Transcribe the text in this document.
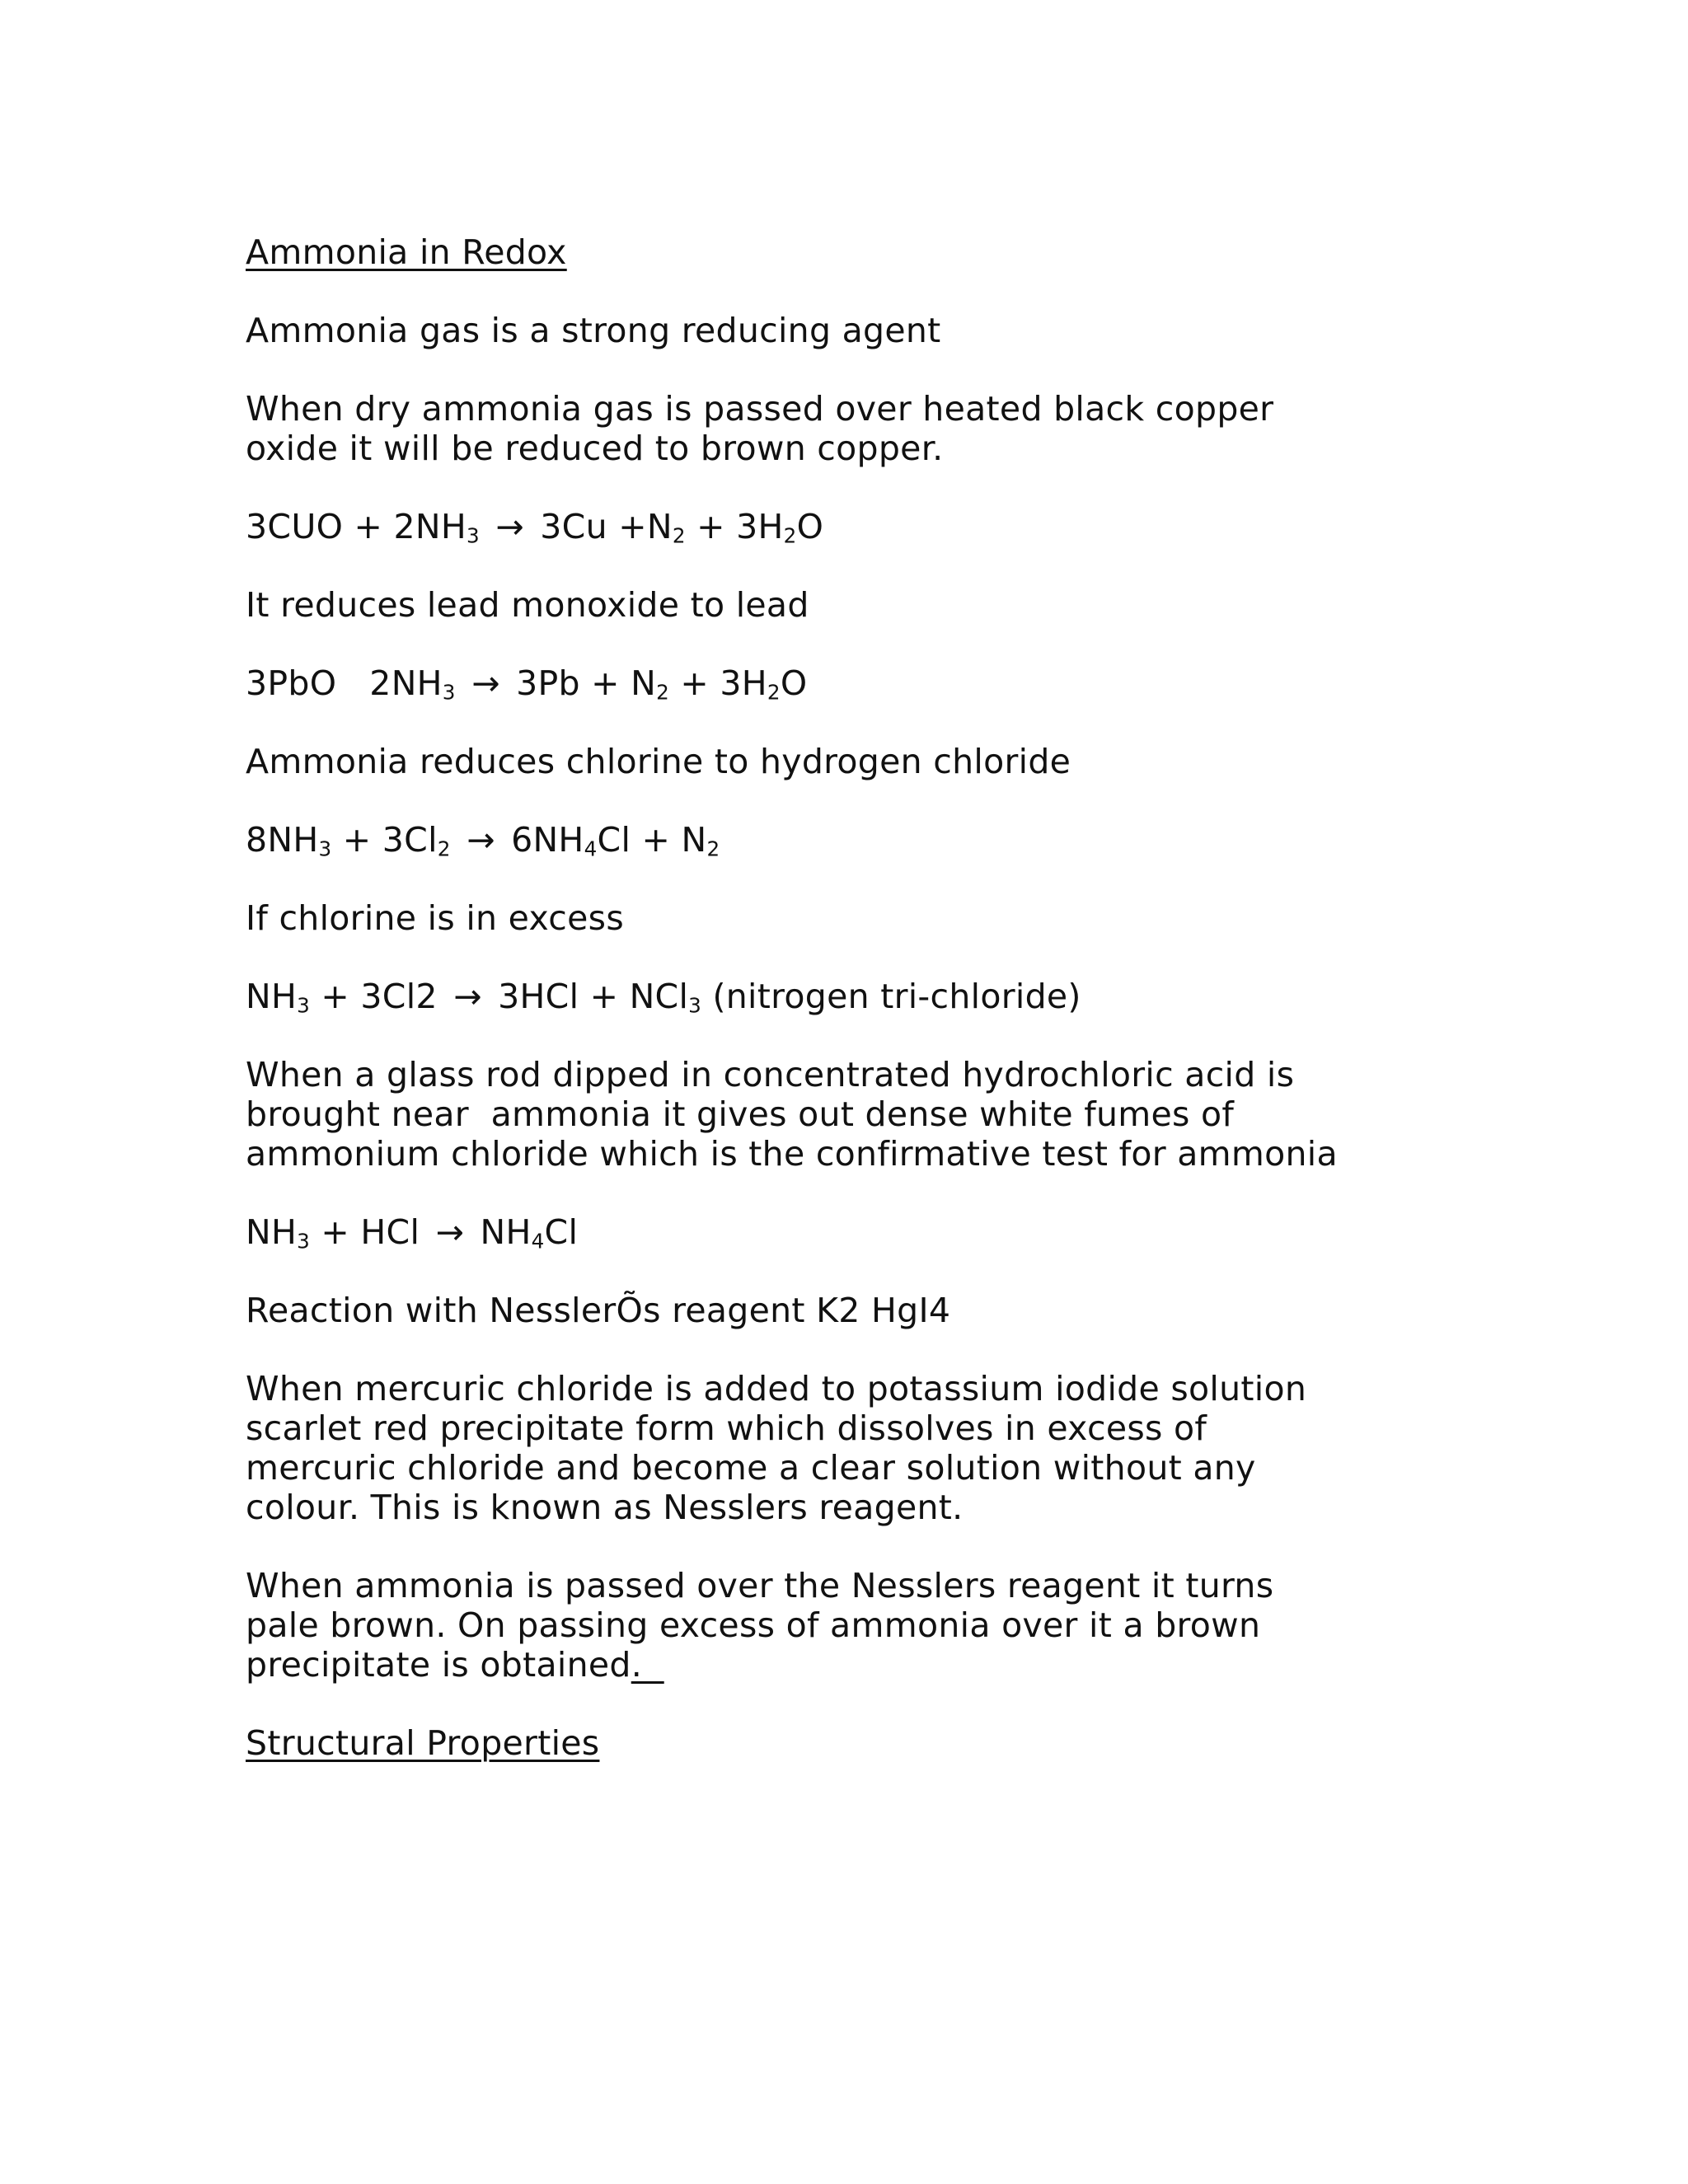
Ammonia in Redox
Ammonia gas is a strong reducing agent
When dry ammonia gas is passed over heated black copper
oxide it will be reduced to brown copper.
$3CUO + 2NH_3 \to 3Cu +N_2 + 3H_2O$
It reduces lead monoxide to lead
3PbO   $2NH_3 \to 3Pb + N_2 + 3H_2O$
Ammonia reduces chlorine to hydrogen chloride
$8NH_3 + 3Cl_2 \to 6NH_4Cl + N_2$
If chlorine is in excess
$NH_3 + 3Cl2 \to 3HCl + NCl_3$ (nitrogen tri-chloride)
When a glass rod dipped in concentrated hydrochloric acid is
brought near  ammonia it gives out dense white fumes of
ammonium chloride which is the confirmative test for ammonia
$NH_3$ + HCl → $NH_4Cl$
Reaction with NesslerÕs reagent K2 HgI4
When mercuric chloride is added to potassium iodide solution
scarlet red precipitate form which dissolves in excess of
mercuric chloride and become a clear solution without any
colour. This is known as Nesslers reagent.
When ammonia is passed over the Nesslers reagent it turns
pale brown. On passing excess of ammonia over it a brown
precipitate is obtained.
Structural Properties
